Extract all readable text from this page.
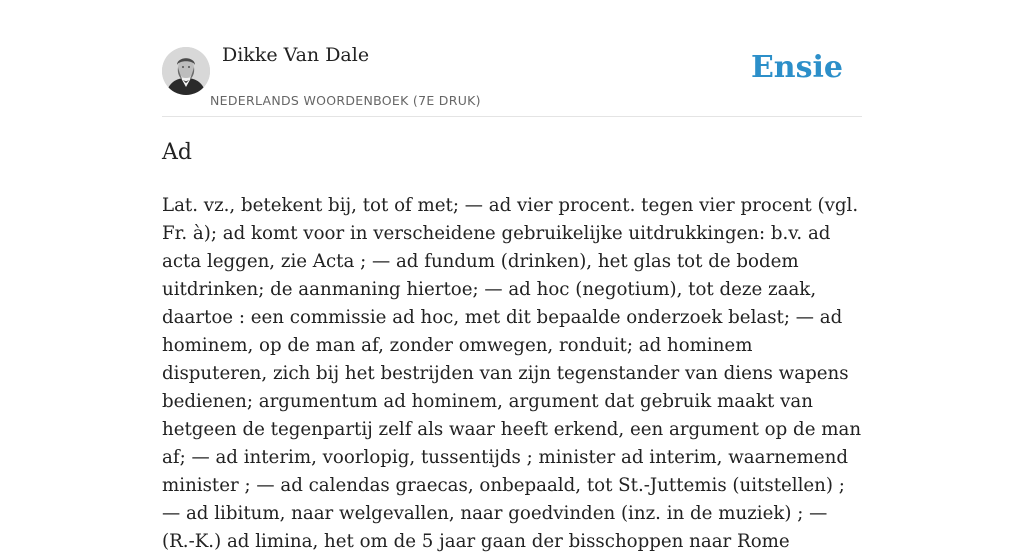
Dikke Van Dale
NEDERLANDS WOORDENBOEK (7E DRUK)
Ensie
Ad

Lat. vz., betekent bij, tot of met; — ad vier procent. tegen vier procent (vgl. Fr. à); ad komt voor in verscheidene gebruikelijke uitdrukkingen: b.v. ad acta leggen, zie Acta ; — ad fundum (drinken), het glas tot de bodem uitdrinken; de aanmaning hiertoe; — ad hoc (negotium), tot deze zaak, daartoe : een commissie ad hoc, met dit bepaalde onderzoek belast; — ad hominem, op de man af, zonder omwegen, ronduit; ad hominem disputeren, zich bij het bestrijden van zijn tegenstander van diens wapens bedienen; argumentum ad hominem, argument dat gebruik maakt van hetgeen de tegenpartij zelf als waar heeft erkend, een argument op de man af; — ad interim, voorlopig, tussentijds ; minister ad interim, waarnemend minister ; — ad calendas graecas, onbepaald, tot St.-Juttemis (uitstellen) ; — ad libitum, naar welgevallen, naar goedvinden (inz. in de muziek) ; — (R.-K.) ad limina, het om de 5 jaar gaan der bisschoppen naar Rome
